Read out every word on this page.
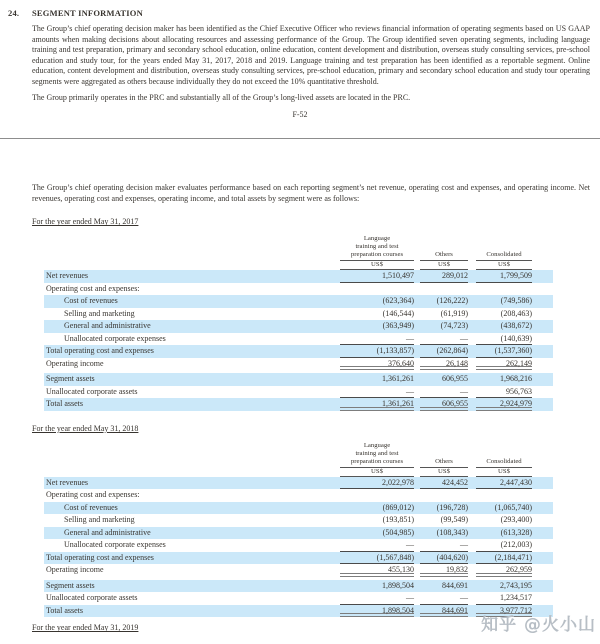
24.	SEGMENT INFORMATION

The Group’s chief operating decision maker has been identified as the Chief Executive Officer who reviews financial information of operating segments based on US GAAP amounts when making decisions about allocating resources and assessing performance of the Group. The Group identified seven operating segments, including language training and test preparation, primary and secondary school education, online education, content development and distribution, overseas study consulting services, pre-school education and study tour, for the years ended May 31, 2017, 2018 and 2019. Language training and test preparation has been identified as a reportable segment. Online education, content development and distribution, overseas study consulting services, pre-school education, primary and secondary school education and study tour operating segments were aggregated as others because individually they do not exceed the 10% quantitative threshold.

The Group primarily operates in the PRC and substantially all of the Group’s long-lived assets are located in the PRC.

F-52

The Group’s chief operating decision maker evaluates performance based on each reporting segment’s net revenue, operating cost and expenses, and operating income. Net revenues, operating cost and expenses, operating income, and total assets by segment were as follows:

For the year ended May 31, 2017
Language
training and test
preparation courses
US$
Others
US$
Consolidated
US$
Net revenues	1,510,497	289,012	1,799,509
Operating cost and expenses:
Cost of revenues	(623,364)	(126,222)	(749,586)
Selling and marketing	(146,544)	(61,919)	(208,463)
General and administrative	(363,949)	(74,723)	(438,672)
Unallocated corporate expenses	—	—	(140,639)
Total operating cost and expenses	(1,133,857)	(262,864)	(1,537,360)
Operating income	376,640	26,148	262,149
Segment assets	1,361,261	606,955	1,968,216
Unallocated corporate assets	—	—	956,763
Total assets	1,361,261	606,955	2,924,979
For the year ended May 31, 2018
Language
training and test
preparation courses
US$
Others
US$
Consolidated
US$
Net revenues	2,022,978	424,452	2,447,430
Operating cost and expenses:
Cost of revenues	(869,012)	(196,728)	(1,065,740)
Selling and marketing	(193,851)	(99,549)	(293,400)
General and administrative	(504,985)	(108,343)	(613,328)
Unallocated corporate expenses	—	—	(212,003)
Total operating cost and expenses	(1,567,848)	(404,620)	(2,184,471)
Operating income	455,130	19,832	262,959
Segment assets	1,898,504	844,691	2,743,195
Unallocated corporate assets	—	—	1,234,517
Total assets	1,898,504	844,691	3,977,712
For the year ended May 31, 2019	知乎 @火小山
